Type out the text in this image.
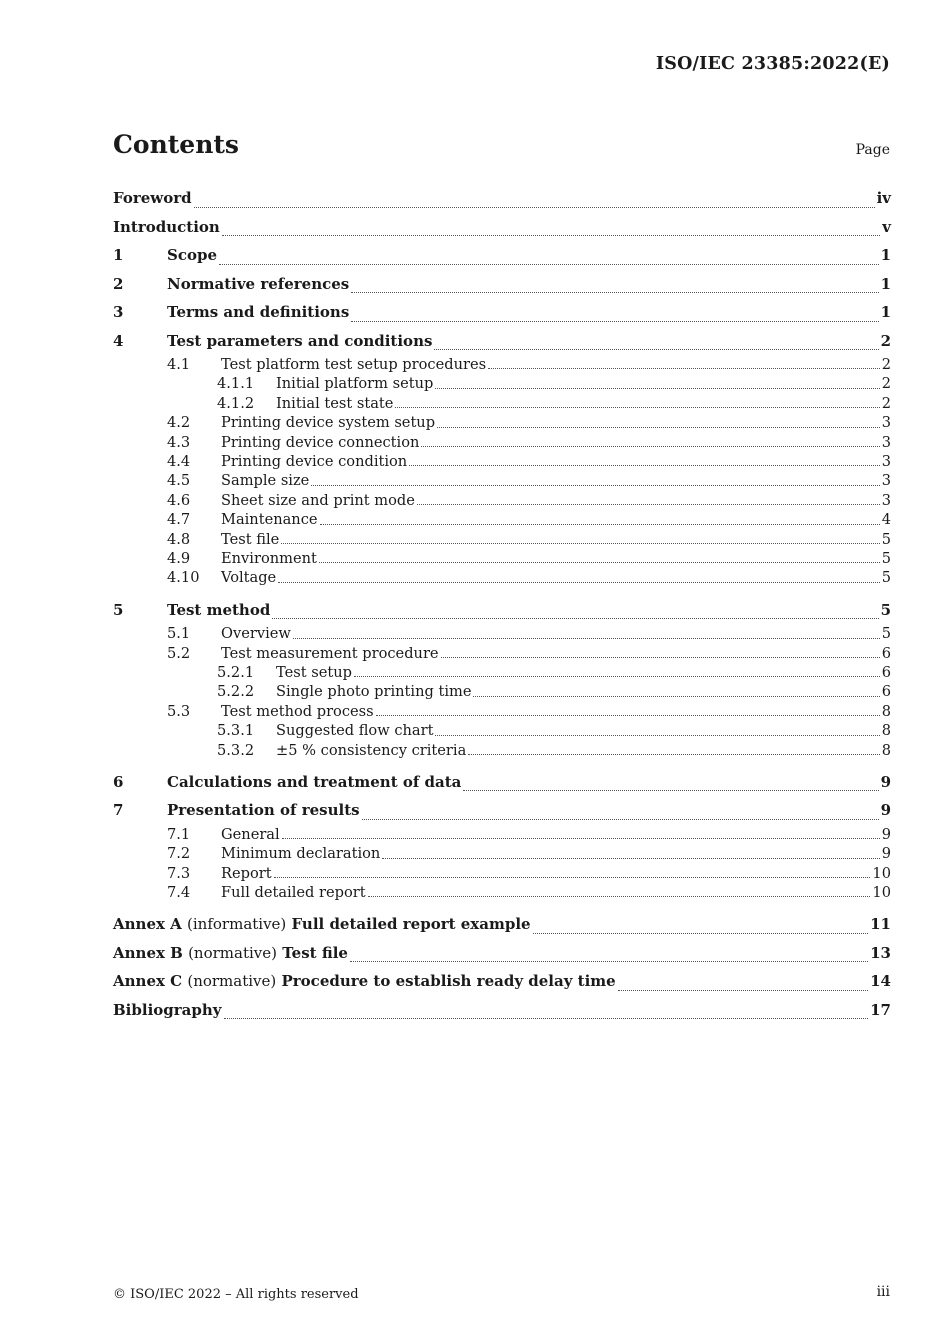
ISO/IEC 23385:2022(E)
Contents	Page
Foreword	iv
Introduction	v
1	Scope	1
2	Normative references	1
3	Terms and definitions	1
4	Test parameters and conditions	2
4.1	Test platform test setup procedures	2
4.1.1	Initial platform setup	2
4.1.2	Initial test state	2
4.2	Printing device system setup	3
4.3	Printing device connection	3
4.4	Printing device condition	3
4.5	Sample size	3
4.6	Sheet size and print mode	3
4.7	Maintenance	4
4.8	Test file	5
4.9	Environment	5
4.10	Voltage	5
5	Test method	5
5.1	Overview	5
5.2	Test measurement procedure	6
5.2.1	Test setup	6
5.2.2	Single photo printing time	6
5.3	Test method process	8
5.3.1	Suggested flow chart	8
5.3.2	±5 % consistency criteria	8
6	Calculations and treatment of data	9
7	Presentation of results	9
7.1	General	9
7.2	Minimum declaration	9
7.3	Report	10
7.4	Full detailed report	10
Annex A (informative) Full detailed report example	11
Annex B (normative) Test file	13
Annex C (normative) Procedure to establish ready delay time	14
Bibliography	17
© ISO/IEC 2022 – All rights reserved	iii
